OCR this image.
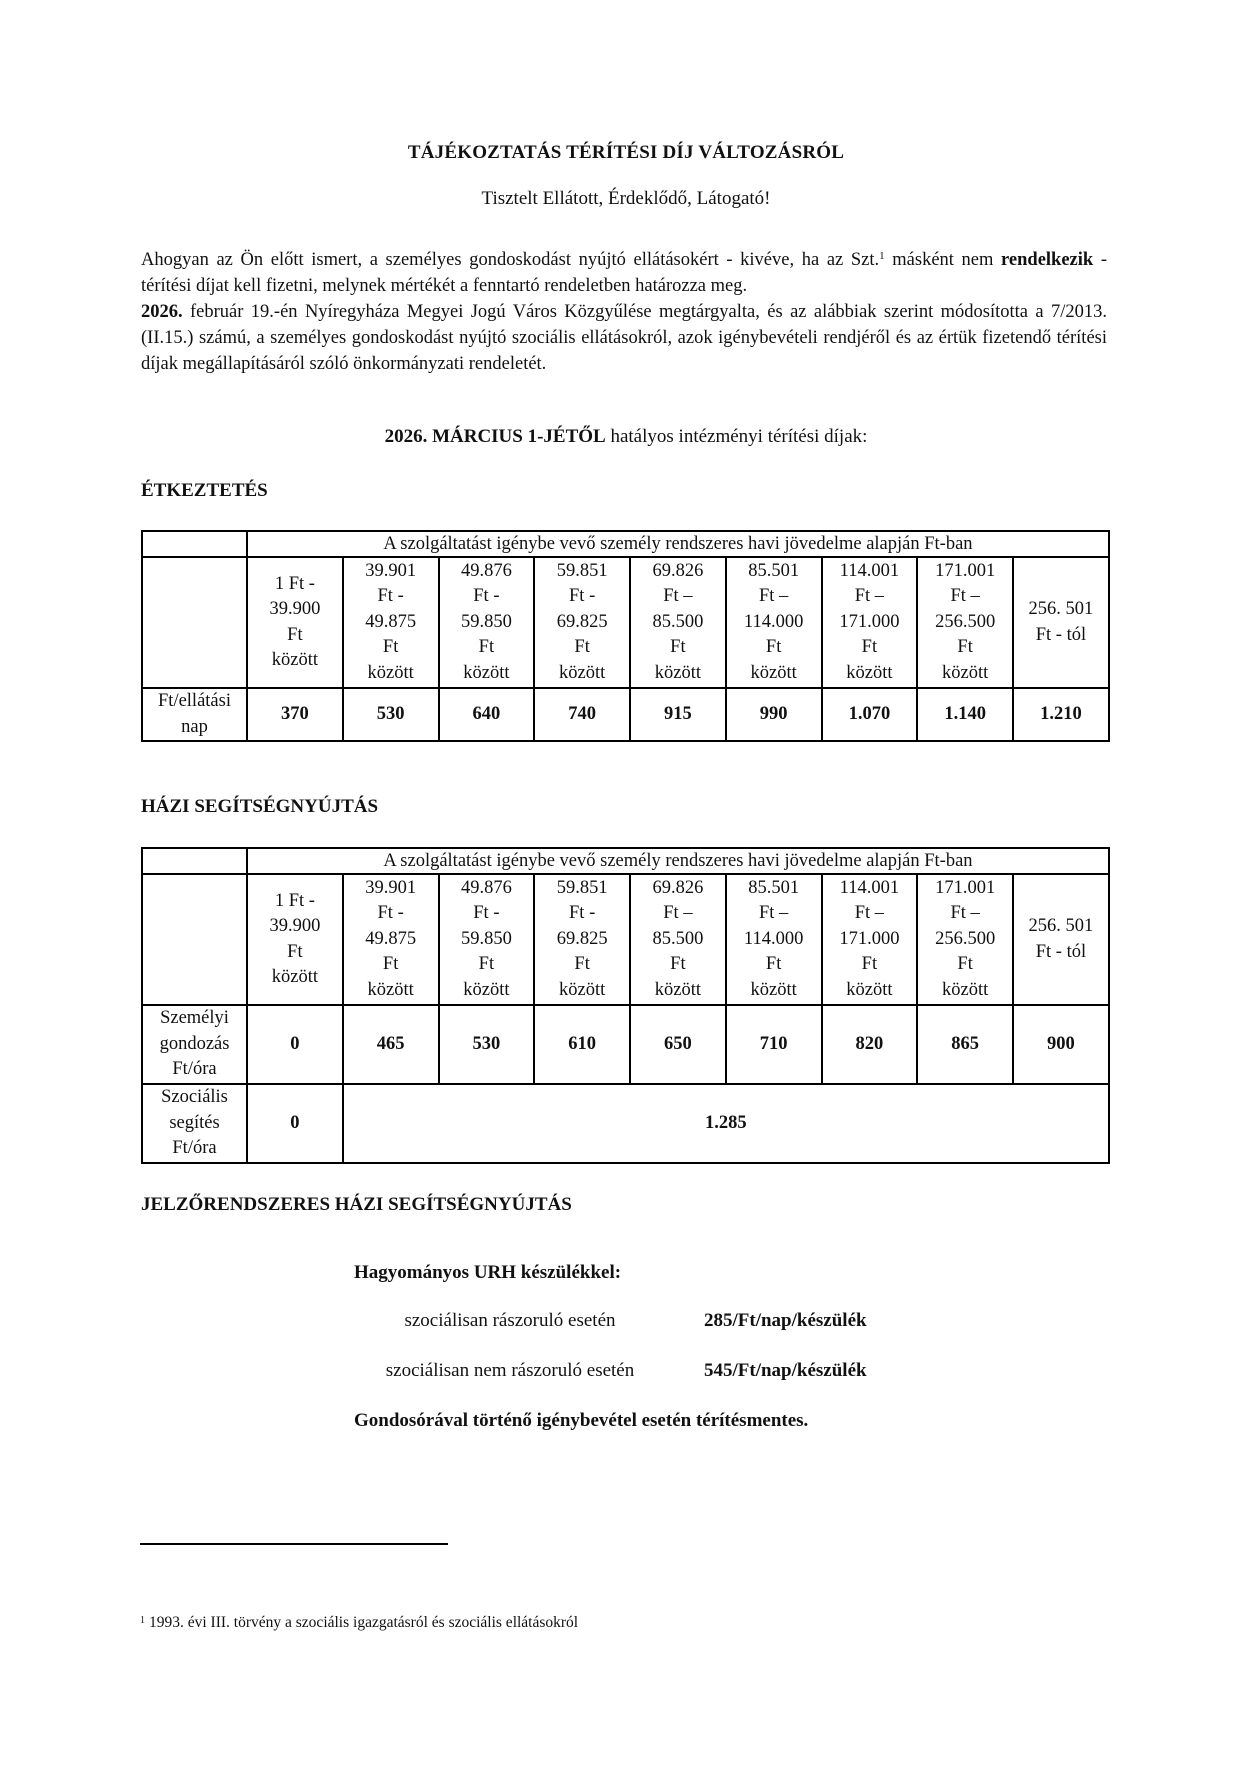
TÁJÉKOZTATÁS TÉRÍTÉSI DÍJ VÁLTOZÁSRÓL
Tisztelt Ellátott, Érdeklődő, Látogató!

Ahogyan az Ön előtt ismert, a személyes gondoskodást nyújtó ellátásokért - kivéve, ha az Szt.$^1$ másként nem rendelkezik - térítési díjat kell fizetni, melynek mértékét a fenntartó rendeletben határozza meg.

2026. február 19.-én Nyíregyháza Megyei Jogú Város Közgyűlése megtárgyalta, és az alábbiak szerint módosította a 7/2013. (II.15.) számú, a személyes gondoskodást nyújtó szociális ellátásokról, azok igénybevételi rendjéről és az értük fizetendő térítési díjak megállapításáról szóló önkormányzati rendeletét.

2026. MÁRCIUS 1-JÉTŐL hatályos intézményi térítési díjak:
ÉTKEZTETÉS
	A szolgáltatást igénybe vevő személy rendszeres havi jövedelme alapján Ft-ban								
	1 Ft -
39.900
Ft
között	39.901
Ft -
49.875
Ft
között	49.876
Ft -
59.850
Ft
között	59.851
Ft -
69.825
Ft
között	69.826
Ft –
85.500
Ft
között	85.501
Ft –
114.000
Ft
között	114.001
Ft –
171.000
Ft
között	171.001
Ft –
256.500
Ft
között	256. 501
Ft - tól
Ft/ellátási
nap	370	530	640	740	915	990	1.070	1.140	1.210
HÁZI SEGÍTSÉGNYÚJTÁS
	A szolgáltatást igénybe vevő személy rendszeres havi jövedelme alapján Ft-ban								
	1 Ft -
39.900
Ft
között	39.901
Ft -
49.875
Ft
között	49.876
Ft -
59.850
Ft
között	59.851
Ft -
69.825
Ft
között	69.826
Ft –
85.500
Ft
között	85.501
Ft –
114.000
Ft
között	114.001
Ft –
171.000
Ft
között	171.001
Ft –
256.500
Ft
között	256. 501
Ft - tól
Személyi
gondozás
Ft/óra	0	465	530	610	650	710	820	865	900
Szociális
segítés
Ft/óra	0	1.285							
JELZŐRENDSZERES HÁZI SEGÍTSÉGNYÚJTÁS
Hagyományos URH készülékkel:
szociálisan rászoruló esetén	285/Ft/nap/készülék
szociálisan nem rászoruló esetén	545/Ft/nap/készülék
Gondosórával történő igénybevétel esetén térítésmentes.
$^1$ 1993. évi III. törvény a szociális igazgatásról és szociális ellátásokról
